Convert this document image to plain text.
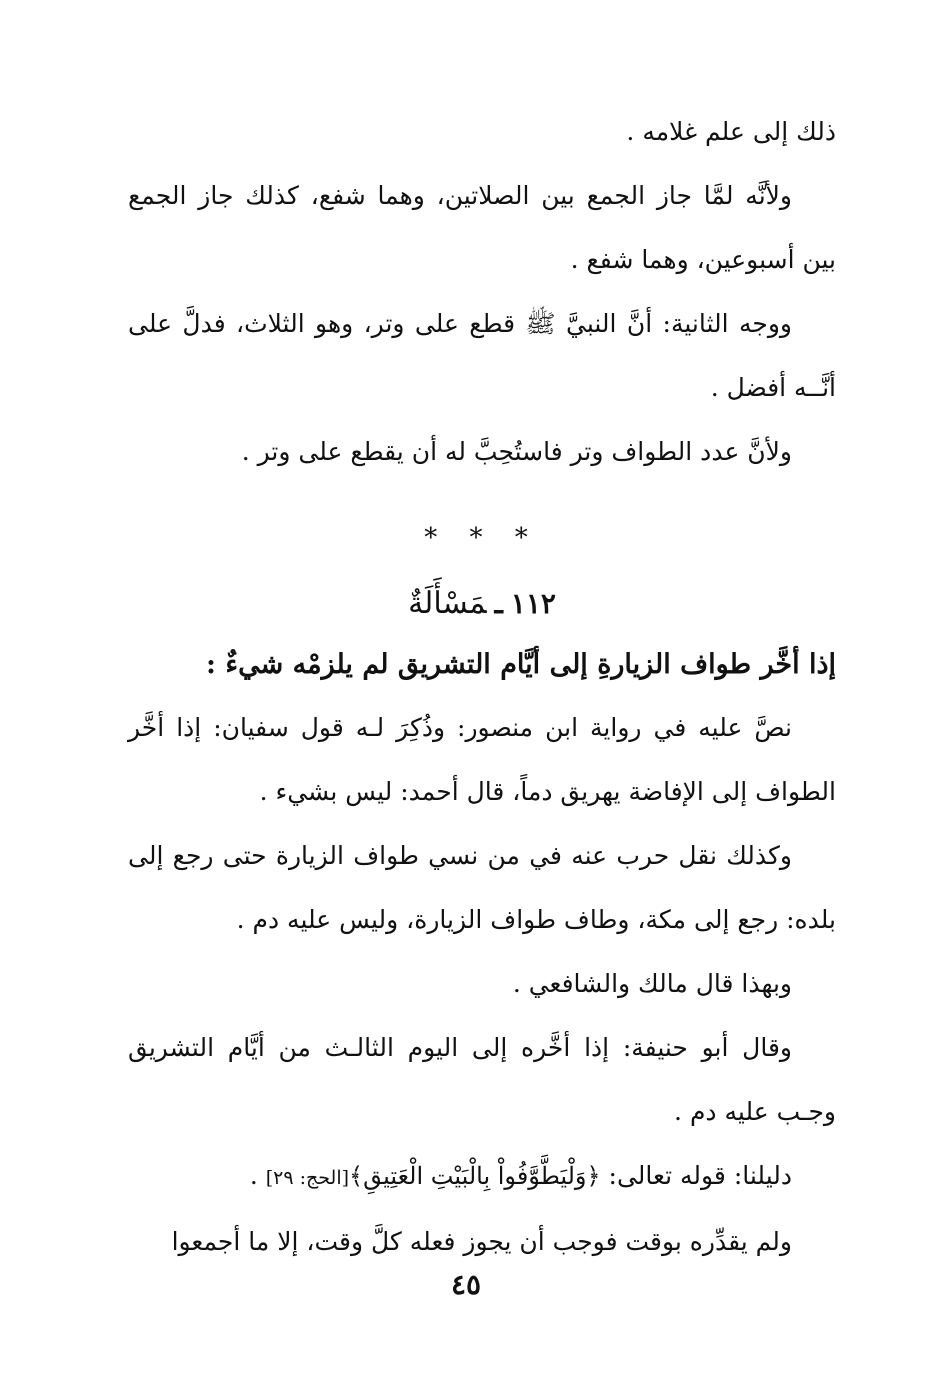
ذلك إلى علم غلامه .

ولأنَّه لمَّا جاز الجمع بين الصلاتين، وهما شفع، كذلك جاز الجمع بين أسبوعين، وهما شفع .

ووجه الثانية: أنَّ النبيَّ ﷺ قطع على وتر، وهو الثلاث، فدلَّ على أنَّــه أفضل .

ولأنَّ عدد الطواف وتر فاستُحِبَّ له أن يقطع على وتر .

* * *
١١٢ـمَسْأَلَةٌ

إذا أخَّر طواف الزيارةِ إلى أيَّام التشريق لم يلزمْه شيءٌ :

نصَّ عليه في رواية ابن منصور: وذُكِرَ لـه قول سفيان: إذا أخَّر الطواف إلى الإفاضة يهريق دماً، قال أحمد: ليس بشيء .

وكذلك نقل حرب عنه في من نسي طواف الزيارة حتى رجع إلى بلده: رجع إلى مكة، وطاف طواف الزيارة، وليس عليه دم .

وبهذا قال مالك والشافعي .

وقال أبو حنيفة: إذا أخَّره إلى اليوم الثالـث من أيَّام التشريق وجـب عليه دم .

دليلنا: قوله تعالى: ﴿وَلْيَطَّوَّفُواْ بِالْبَيْتِ الْعَتِيقِ﴾[الحج: ٢٩] .

ولم يقدِّره بوقت فوجب أن يجوز فعله كلَّ وقت، إلا ما أجمعوا

٤٥
